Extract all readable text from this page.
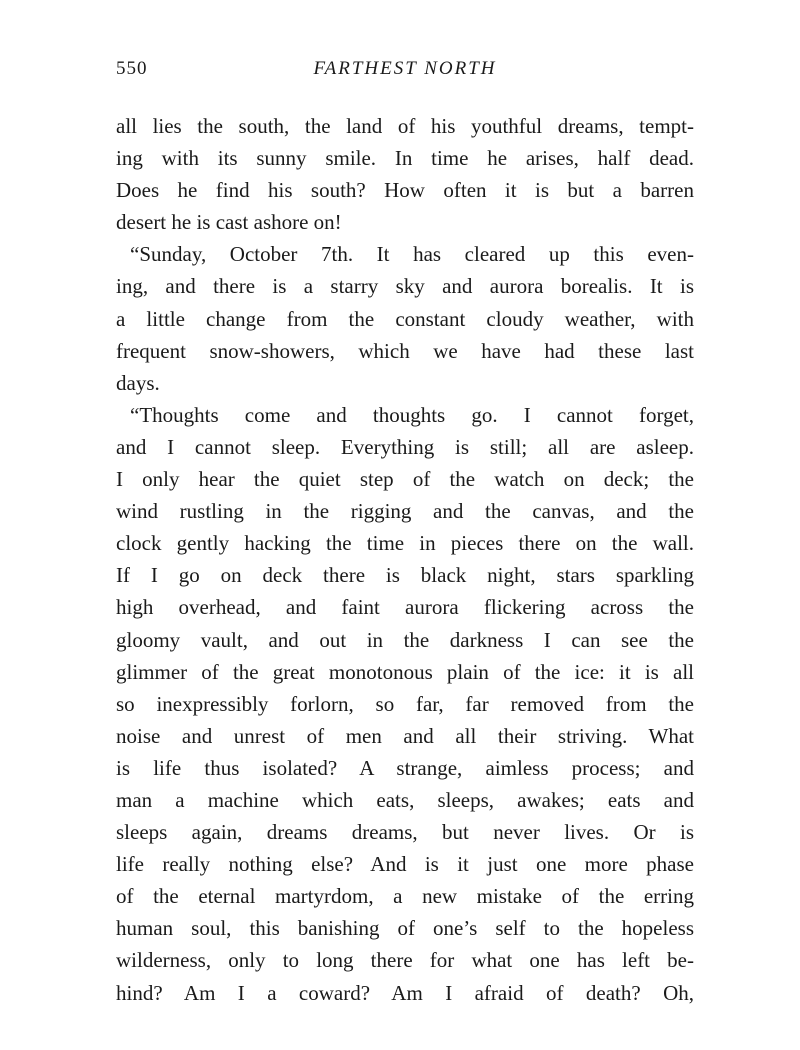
550	FARTHEST NORTH
all lies the south, the land of his youthful dreams, tempt-
ing with its sunny smile. In time he arises, half dead.
Does he find his south? How often it is but a barren
desert he is cast ashore on!
“Sunday, October 7th. It has cleared up this even-
ing, and there is a starry sky and aurora borealis. It is
a little change from the constant cloudy weather, with
frequent snow-showers, which we have had these last
days.
“Thoughts come and thoughts go. I cannot forget,
and I cannot sleep. Everything is still; all are asleep.
I only hear the quiet step of the watch on deck; the
wind rustling in the rigging and the canvas, and the
clock gently hacking the time in pieces there on the wall.
If I go on deck there is black night, stars sparkling
high overhead, and faint aurora flickering across the
gloomy vault, and out in the darkness I can see the
glimmer of the great monotonous plain of the ice: it is all
so inexpressibly forlorn, so far, far removed from the
noise and unrest of men and all their striving. What
is life thus isolated? A strange, aimless process; and
man a machine which eats, sleeps, awakes; eats and
sleeps again, dreams dreams, but never lives. Or is
life really nothing else? And is it just one more phase
of the eternal martyrdom, a new mistake of the erring
human soul, this banishing of one’s self to the hopeless
wilderness, only to long there for what one has left be-
hind? Am I a coward? Am I afraid of death? Oh,
